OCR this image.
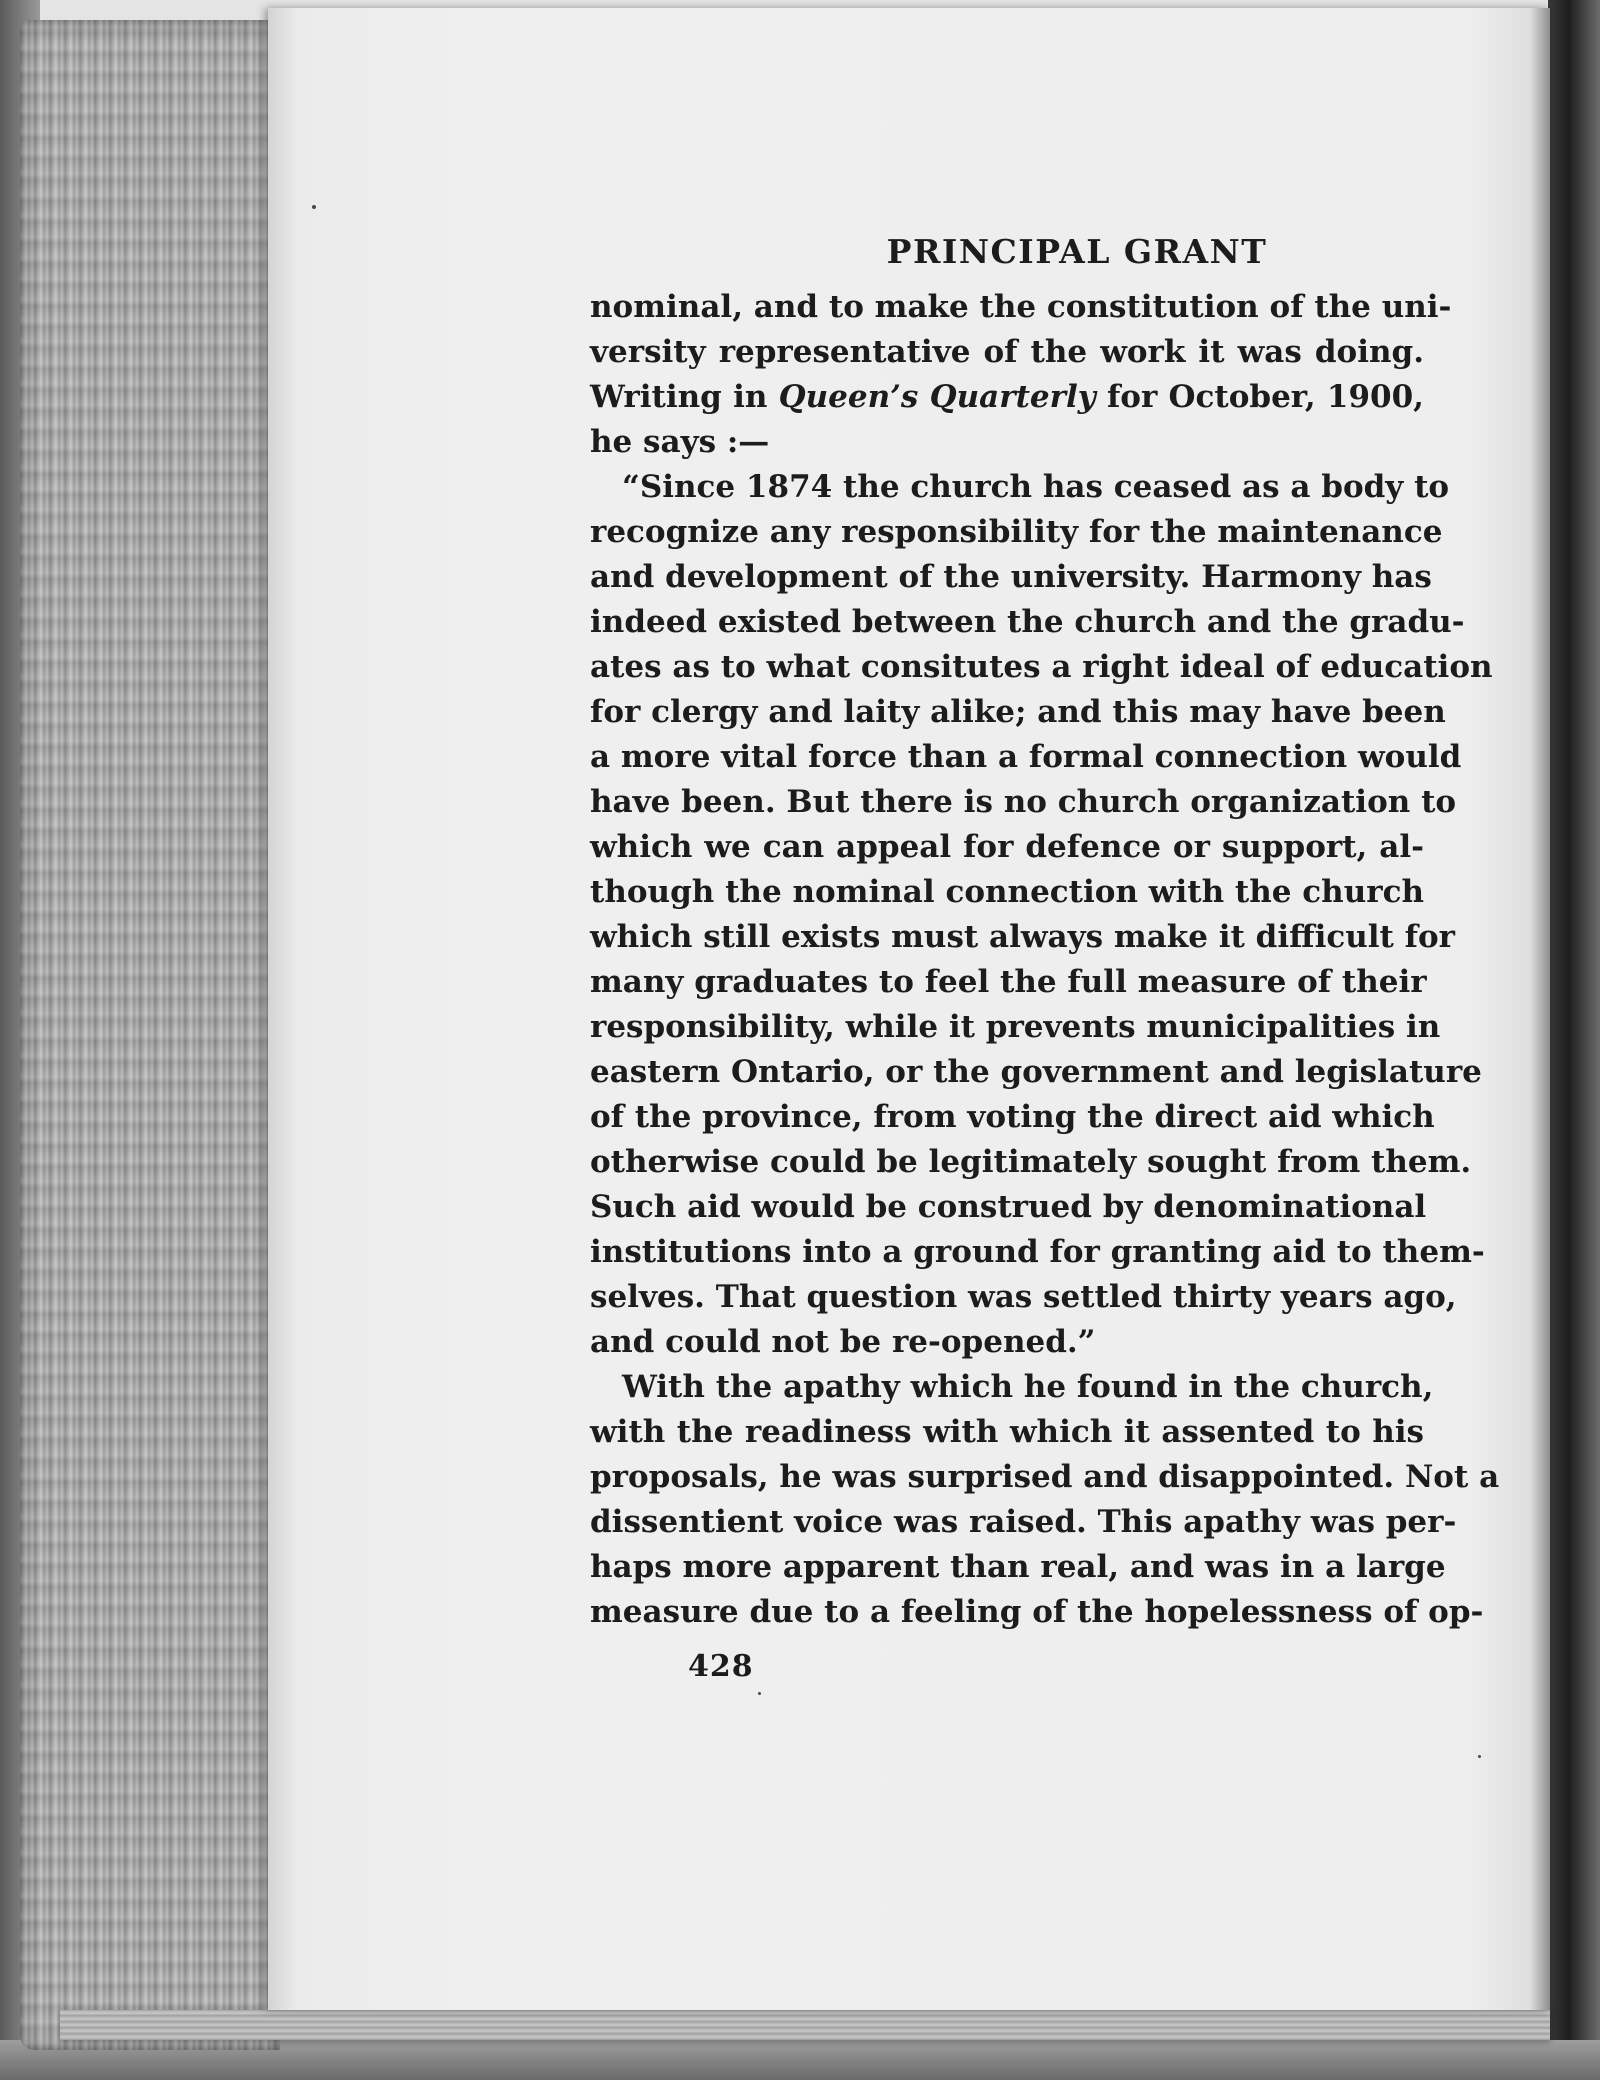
PRINCIPAL GRANT
nominal, and to make the constitution of the uni-
versity representative of the work it was doing.
Writing in Queen’s Quarterly for October, 1900,
he says :—
“Since 1874 the church has ceased as a body to
recognize any responsibility for the maintenance
and development of the university. Harmony has
indeed existed between the church and the gradu-
ates as to what consitutes a right ideal of education
for clergy and laity alike; and this may have been
a more vital force than a formal connection would
have been. But there is no church organization to
which we can appeal for defence or support, al-
though the nominal connection with the church
which still exists must always make it difficult for
many graduates to feel the full measure of their
responsibility, while it prevents municipalities in
eastern Ontario, or the government and legislature
of the province, from voting the direct aid which
otherwise could be legitimately sought from them.
Such aid would be construed by denominational
institutions into a ground for granting aid to them-
selves. That question was settled thirty years ago,
and could not be re-opened.”
With the apathy which he found in the church,
with the readiness with which it assented to his
proposals, he was surprised and disappointed. Not a
dissentient voice was raised. This apathy was per-
haps more apparent than real, and was in a large
measure due to a feeling of the hopelessness of op-
428
